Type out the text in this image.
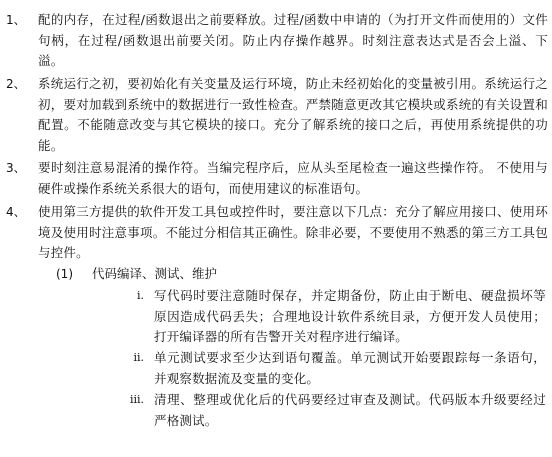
1、 配的内存，在过程/函数退出之前要释放。过程/函数中申请的（为打开文件而使用的）文件句柄，在过程/函数退出前要关闭。防止内存操作越界。时刻注意表达式是否会上溢、下溢。
2、 系统运行之初，要初始化有关变量及运行环境，防止未经初始化的变量被引用。系统运行之初，要对加载到系统中的数据进行一致性检查。严禁随意更改其它模块或系统的有关设置和配置。不能随意改变与其它模块的接口。充分了解系统的接口之后，再使用系统提供的功能。
3、 要时刻注意易混淆的操作符。当编完程序后，应从头至尾检查一遍这些操作符。 不使用与硬件或操作系统关系很大的语句，而使用建议的标准语句。
4、 使用第三方提供的软件开发工具包或控件时，要注意以下几点：充分了解应用接口、使用环境及使用时注意事项。不能过分相信其正确性。除非必要，不要使用不熟悉的第三方工具包与控件。
(1) 代码编译、测试、维护
i. 写代码时要注意随时保存，并定期备份，防止由于断电、硬盘损坏等原因造成代码丢失；合理地设计软件系统目录，方便开发人员使用；打开编译器的所有告警开关对程序进行编译。
ii. 单元测试要求至少达到语句覆盖。单元测试开始要跟踪每一条语句，并观察数据流及变量的变化。
iii. 清理、整理或优化后的代码要经过审查及测试。代码版本升级要经过严格测试。
